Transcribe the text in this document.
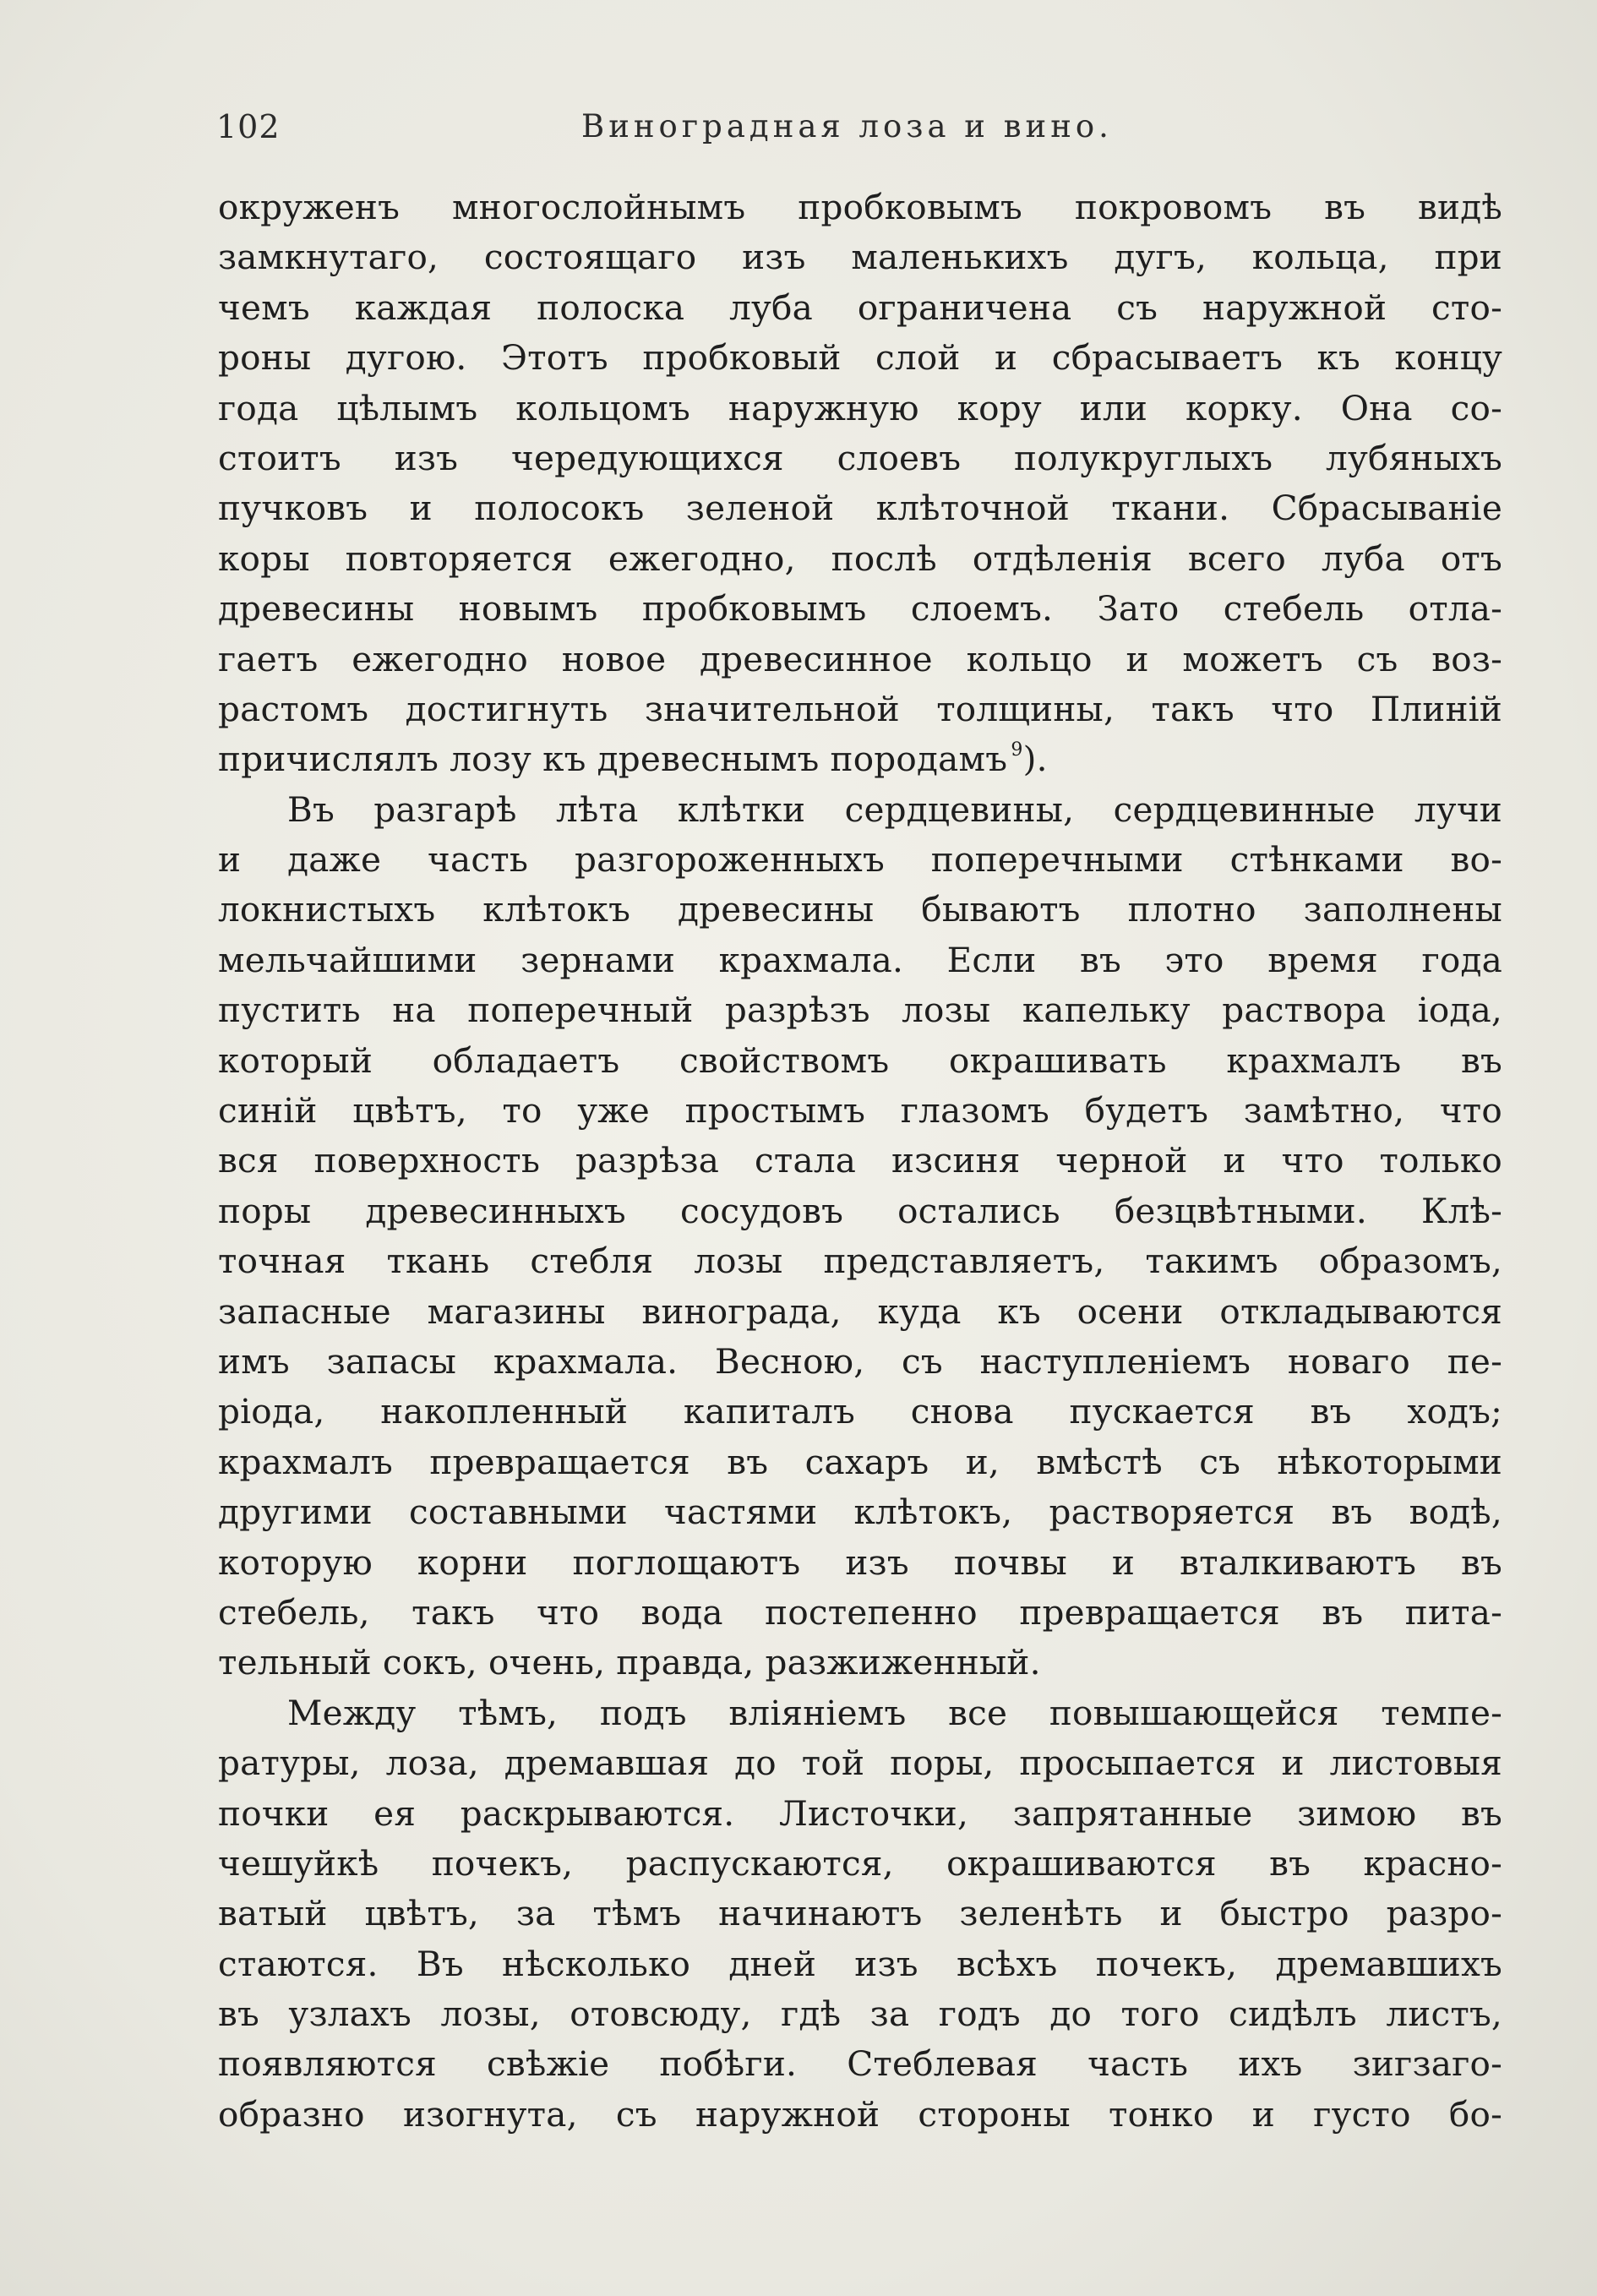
102	Виноградная лоза и вино.
окруженъ многослойнымъ пробковымъ покровомъ въ видѣ
замкнутаго, состоящаго изъ маленькихъ дугъ, кольца, при
чемъ каждая полоска луба ограничена съ наружной сто-
роны дугою. Этотъ пробковый слой и сбрасываетъ къ концу
года цѣлымъ кольцомъ наружную кору или корку. Она со-
стоитъ изъ чередующихся слоевъ полукруглыхъ лубяныхъ
пучковъ и полосокъ зеленой клѣточной ткани. Сбрасываніе
коры повторяется ежегодно, послѣ отдѣленія всего луба отъ
древесины новымъ пробковымъ слоемъ. Зато стебель отла-
гаетъ ежегодно новое древесинное кольцо и можетъ съ воз-
растомъ достигнуть значительной толщины, такъ что Плиній
причислялъ лозу къ древеснымъ породамъ  $^9$).
Въ разгарѣ лѣта клѣтки сердцевины, сердцевинные лучи
и даже часть разгороженныхъ поперечными стѣнками во-
локнистыхъ клѣтокъ древесины бываютъ плотно заполнены
мельчайшими зернами крахмала. Если въ это время года
пустить на поперечный разрѣзъ лозы капельку раствора іода,
который обладаетъ свойствомъ окрашивать крахмалъ въ
синій цвѣтъ, то уже простымъ глазомъ будетъ замѣтно, что
вся поверхность разрѣза стала изсиня черной и что только
поры древесинныхъ сосудовъ остались безцвѣтными. Клѣ-
точная ткань стебля лозы представляетъ, такимъ образомъ,
запасные магазины винограда, куда къ осени откладываются
имъ запасы крахмала. Весною, съ наступленіемъ новаго пе-
ріода, накопленный капиталъ снова пускается въ ходъ;
крахмалъ превращается въ сахаръ и, вмѣстѣ съ нѣкоторыми
другими составными частями клѣтокъ, растворяется въ водѣ,
которую корни поглощаютъ изъ почвы и вталкиваютъ въ
стебель, такъ что вода постепенно превращается въ пита-
тельный сокъ, очень, правда, разжиженный.
Между тѣмъ, подъ вліяніемъ все повышающейся темпе-
ратуры, лоза, дремавшая до той поры, просыпается и листовыя
почки ея раскрываются. Листочки, запрятанные зимою въ
чешуйкѣ почекъ, распускаются, окрашиваются въ красно-
ватый цвѣтъ, за тѣмъ начинаютъ зеленѣть и быстро разро-
стаются. Въ нѣсколько дней изъ всѣхъ почекъ, дремавшихъ
въ узлахъ лозы, отовсюду, гдѣ за годъ до того сидѣлъ листъ,
появляются свѣжіе побѣги. Стеблевая часть ихъ зигзаго-
образно изогнута, съ наружной стороны тонко и густо бо-
